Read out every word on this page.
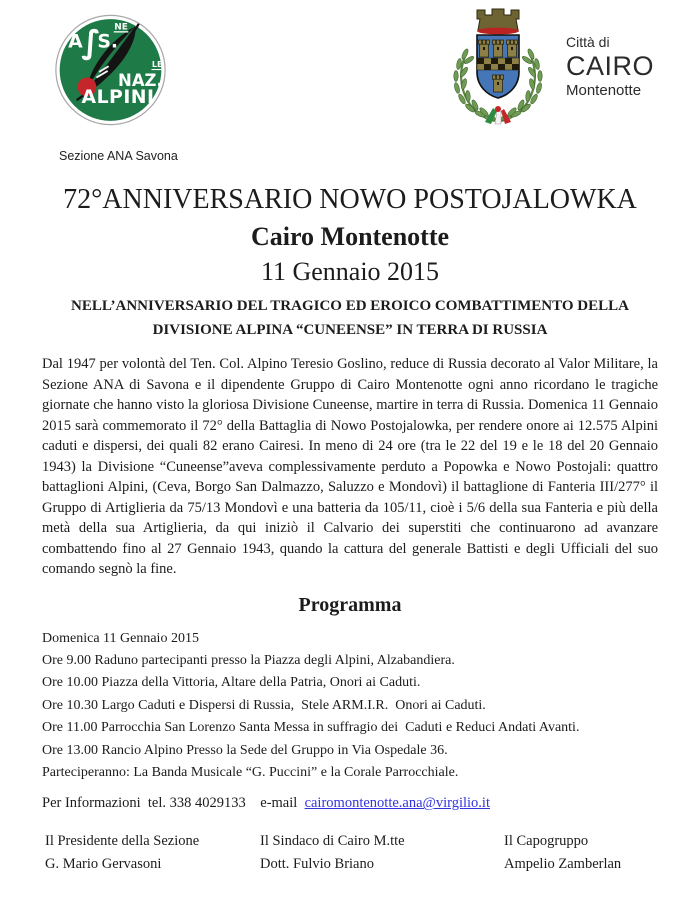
A
∫
S.
NE
NAZ.
LE
ALPINI
Sezione ANA Savona
Città di
CAIRO
Montenotte
72°ANNIVERSARIO NOWO POSTOJALOWKA
Cairo Montenotte
11 Gennaio 2015
NELL’ANNIVERSARIO DEL TRAGICO ED EROICO COMBATTIMENTO DELLA
DIVISIONE ALPINA “CUNEENSE” IN TERRA DI RUSSIA
Dal 1947 per volontà del Ten. Col. Alpino Teresio Goslino, reduce di Russia decorato al Valor Militare, la Sezione ANA di Savona e il dipendente Gruppo di Cairo Montenotte ogni anno ricordano le tragiche giornate che hanno visto la gloriosa Divisione Cuneense, martire in terra di Russia. Domenica 11 Gennaio 2015 sarà commemorato il 72° della Battaglia di Nowo Postojalowka, per rendere onore ai 12.575 Alpini caduti e dispersi, dei quali 82 erano Cairesi. In meno di 24 ore (tra le 22 del 19 e le 18 del 20 Gennaio 1943) la Divisione “Cuneense”aveva complessivamente perduto a Popowka e Nowo Postojali: quattro battaglioni Alpini, (Ceva, Borgo San Dalmazzo, Saluzzo e Mondovì) il battaglione di Fanteria III/277° il Gruppo di Artiglieria da 75/13 Mondovì e una batteria da 105/11, cioè i 5/6 della sua Fanteria e più della metà della sua Artiglieria, da qui iniziò il Calvario dei superstiti che continuarono ad avanzare combattendo fino al 27 Gennaio 1943, quando la cattura del generale Battisti e degli Ufficiali del suo comando segnò la fine.
Programma
Domenica 11 Gennaio 2015
Ore 9.00 Raduno partecipanti presso la Piazza degli Alpini, Alzabandiera.
Ore 10.00 Piazza della Vittoria, Altare della Patria, Onori ai Caduti.
Ore 10.30 Largo Caduti e Dispersi di Russia,  Stele ARM.I.R.  Onori ai Caduti.
Ore 11.00 Parrocchia San Lorenzo Santa Messa in suffragio dei  Caduti e Reduci Andati Avanti.
Ore 13.00 Rancio Alpino Presso la Sede del Gruppo in Via Ospedale 36.
Parteciperanno: La Banda Musicale “G. Puccini” e la Corale Parrocchiale.
Per Informazioni  tel. 338 4029133    e-mail  cairomontenotte.ana@virgilio.it
Il Presidente della Sezione
G. Mario Gervasoni
Il Sindaco di Cairo M.tte
Dott. Fulvio Briano
Il Capogruppo
Ampelio Zamberlan
